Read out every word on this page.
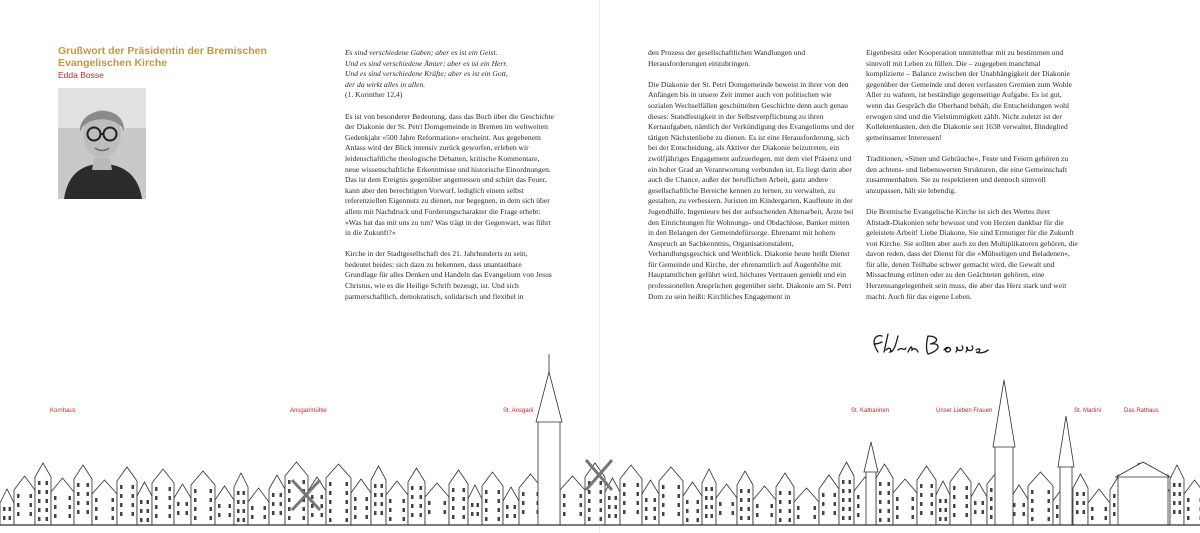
Grußwort der Präsidentin der Bremischen
Evangelischen Kirche
Edda Bosse

Es sind verschiedene Gaben; aber es ist ein Geist.

Und es sind verschiedene Ämter; aber es ist ein Herr.

Und es sind verschiedene Kräfte; aber es ist ein Gott,

der da wirkt alles in allen.

(1. Korinther 12,4)

Es ist von besonderer Bedeutung, dass das Buch über die Geschichte der Diakonie der St. Petri Domgemeinde in Bremen im weltweiten Gedenkjahr »500 Jahre Reformation« erscheint. Aus gegebenem Anlass wird der Blick intensiv zurück geworfen, erleben wir leidenschaftliche theologische Debatten, kritische Kommentare, neue wissenschaftliche Erkenntnisse und historische Einordnungen. Das ist dem Ereignis gegenüber angemessen und schürt das Feuer, kann aber den berechtigten Vorwurf, lediglich einem selbst referenziellen Eigennutz zu dienen, nur begegnen, in dem sich über allem mit Nachdruck und Forderungscharakter die Frage erhebt: »Was hat das mit uns zu tun? Was trägt in der Gegenwart, was führt in die Zukunft?«

Kirche in der Stadtgesellschaft des 21. Jahrhunderts zu sein, bedeutet beides: sich dazu zu bekennen, dass unantastbare Grundlage für alles Denken und Handeln das Evangelium von Jesus Christus, wie es die Heilige Schrift bezeugt, ist. Und sich partnerschaftlich, demokratisch, solidarisch und flexibel in

den Prozess der gesellschaftlichen Wandlungen und Herausforderungen einzubringen.

Die Diakonie der St. Petri Domgemeinde beweist in ihrer von den Anfängen bis in unsere Zeit immer auch von politischen wie sozialen Wechselfällen geschüttelten Geschichte denn auch genau dieses: Standfestigkeit in der Selbstverpflichtung zu ihren Kernaufgaben, nämlich der Verkündigung des Evangeliums und der tätigen Nächstenliebe zu dienen. Es ist eine Herausforderung, sich bei der Entscheidung, als Aktiver der Diakonie beizutreten, ein zwölfjähriges Engagement aufzuerlegen, mit dem viel Präsenz und ein hoher Grad an Verantwortung verbunden ist. Es liegt darin aber auch die Chance, außer der beruflichen Arbeit, ganz andere gesellschaftliche Bereiche kennen zu lernen, zu verwalten, zu gestalten, zu verbessern. Juristen im Kindergarten, Kaufleute in der Jugendhilfe, Ingenieure bei der aufsuchenden Altenarbeit, Ärzte bei den Einrichtungen für Wohnungs- und Obdachlose, Banker mitten in den Belangen der Gemeindefürsorge. Ehrenamt mit hohem Anspruch an Sachkenntnis, Organisationstalent, Verhandlungsgeschick und Weitblick. Diakonie heute heißt Dienst für Gemeinde und Kirche, der ehrenamtlich auf Augenhöhe mit Hauptamtlichen geführt wird, höchstes Vertrauen genießt und ein professionellen Ansprüchen gegenüber sieht. Diakonie am St. Petri Dom zu sein heißt: Kirchliches Engagement in

Eigenbesitz oder Kooperation unmittelbar mit zu bestimmen und sinnvoll mit Leben zu füllen. Die – zugegeben manchmal komplizierte – Balance zwischen der Unabhängigkeit der Diakonie gegenüber der Gemeinde und deren verfassten Gremien zum Wohle Aller zu wahren, ist beständige gegenseitige Aufgabe. Es ist gut, wenn das Gespräch die Oberhand behält, die Entscheidungen wohl erwogen sind und die Vielstimmigkeit zählt. Nicht zuletzt ist der Kollektenkasten, den die Diakonie seit 1638 verwaltet, Bindeglied gemeinsamer Interessen!

Traditionen, »Sitten und Gebräuche«, Feste und Feiern gehören zu den achtens- und liebenswerten Strukturen, die eine Gemeinschaft zusammenhalten. Sie zu respektieren und dennoch sinnvoll anzupassen, hält sie lebendig.

Die Bremische Evangelische Kirche ist sich des Wertes ihrer Altstadt-Diakonien sehr bewusst und von Herzen dankbar für die geleistete Arbeit! Liebe Diakone, Sie sind Ermutiger für die Zukunft von Kirche. Sie sollten aber auch zu den Multiplikatoren gehören, die davon reden, dass der Dienst für die »Mühseligen und Beladenen«, für alle, denen Teilhabe schwer gemacht wird, die Gewalt und Missachtung erlitten oder zu den Geächteten gehören, eine Herzensangelegenheit sein muss, die aber das Herz stark und weit macht. Auch für das eigene Leben.

Kornhaus	Ansgarimühle	St. Ansgarii	St. Katharinen	Unser Lieben Frauen	St. Martini	Das Rathaus
